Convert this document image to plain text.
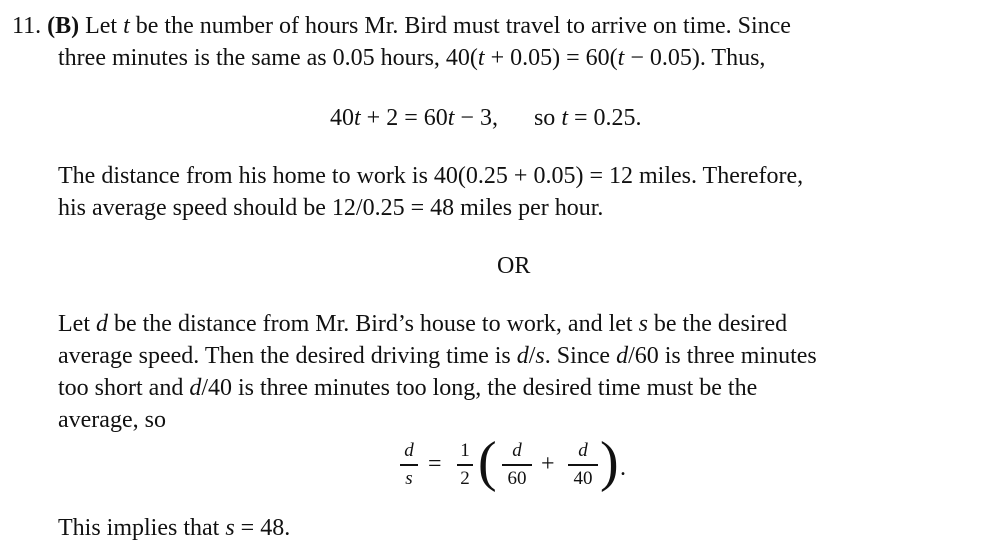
11. (B) Let t be the number of hours Mr. Bird must travel to arrive on time. Since
three minutes is the same as 0.05 hours, 40(t + 0.05) = 60(t − 0.05). Thus,
40t + 2 = 60t − 3, so t = 0.25.
The distance from his home to work is 40(0.25 + 0.05) = 12 miles. Therefore,
his average speed should be 12/0.25 = 48 miles per hour.
OR
Let d be the distance from Mr. Bird’s house to work, and let s be the desired
average speed. Then the desired driving time is d/s. Since d/60 is three minutes
too short and d/40 is three minutes too long, the desired time must be the
average, so
d
s
=
1
2 ( d
60
+
d
40 ) .
This implies that s = 48.
